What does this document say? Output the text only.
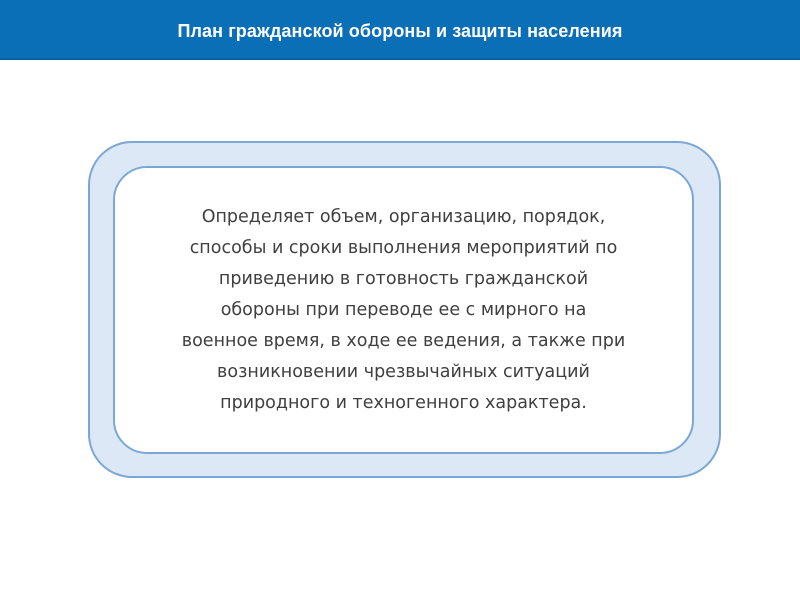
План гражданской обороны и защиты населения

Определяет объем, организацию, порядок,
способы и сроки выполнения мероприятий по
приведению в готовность гражданской
обороны при переводе ее с мирного на
военное время, в ходе ее ведения, а также при
возникновении чрезвычайных ситуаций
природного и техногенного характера.
